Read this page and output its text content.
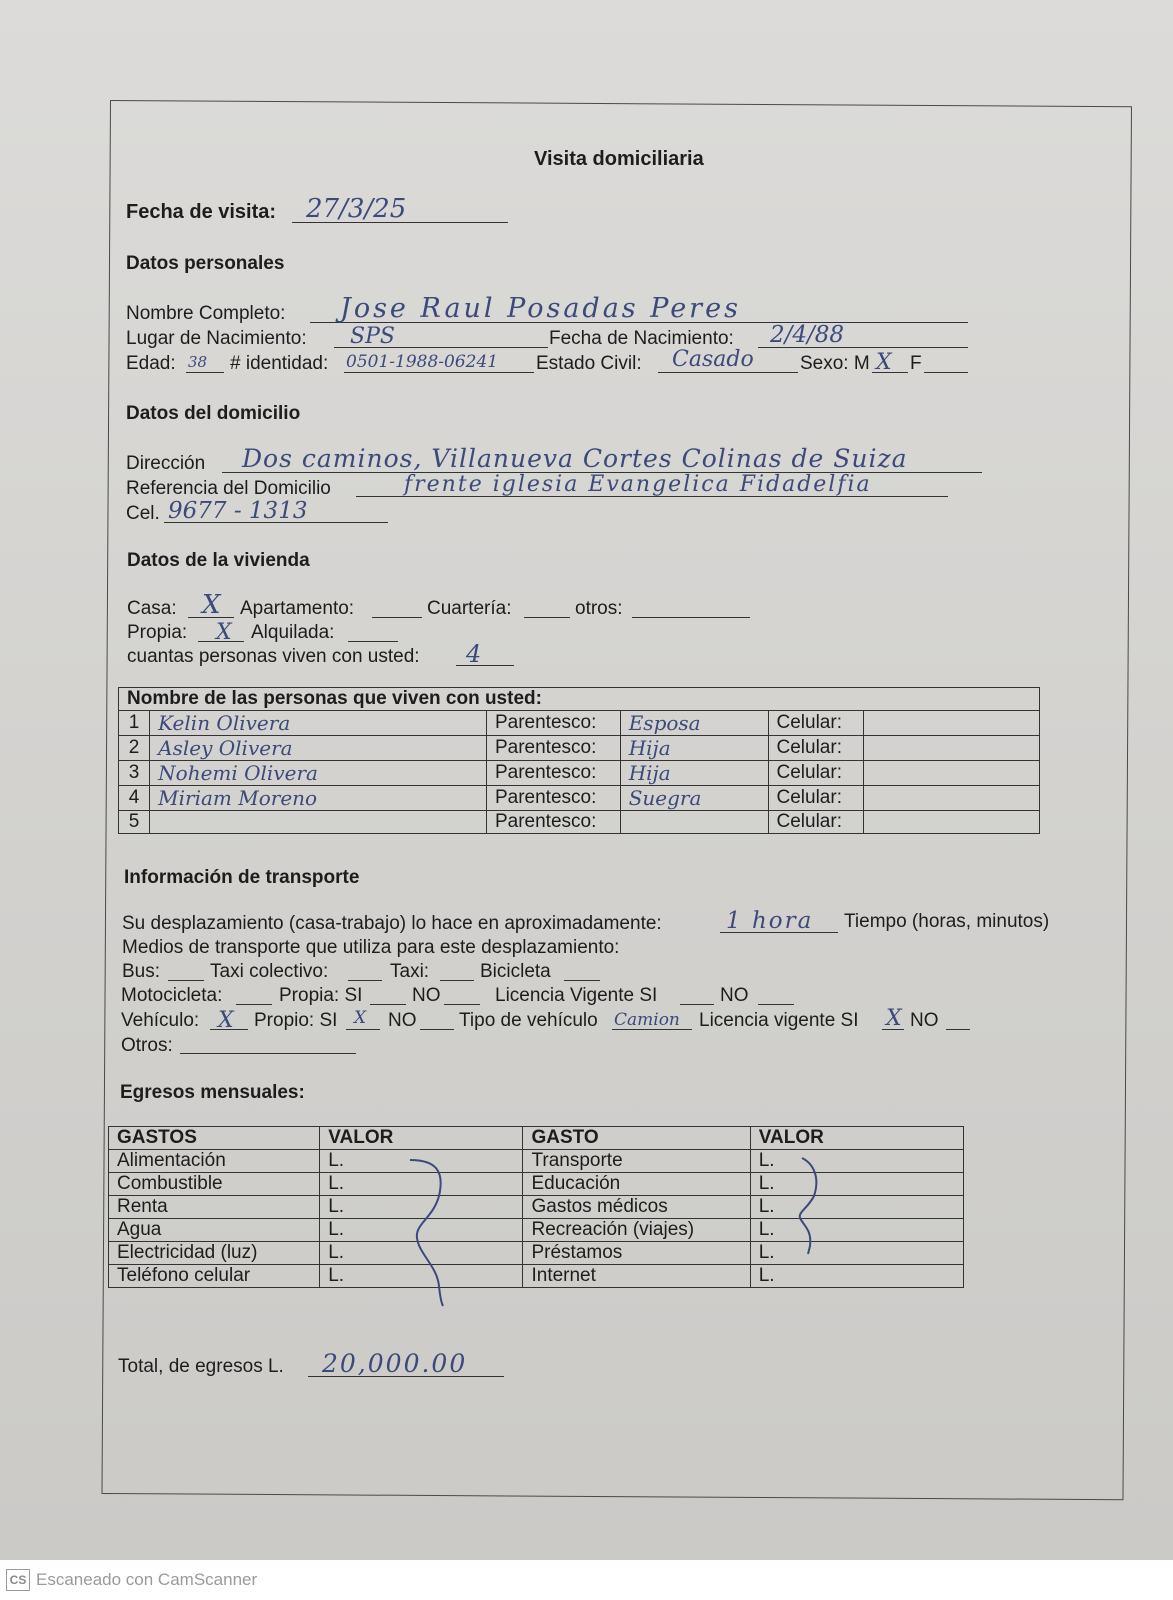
Visita domiciliaria
Fecha de visita: 27/3/25
Datos personales
Nombre Completo: Jose Raul Posadas Peres
Lugar de Nacimiento: SPS	Fecha de Nacimiento: 2/4/88
Edad: 38 # identidad: 0501-1988-06241 Estado Civil: Casado Sexo: M X F
Datos del domicilio
Dirección Dos caminos, Villanueva Cortes Colinas de Suiza
Referencia del Domicilio	frente iglesia Evangelica Fidadelfia
Cel. 9677 - 1313
Datos de la vivienda
Casa: X Apartamento:	Cuartería:	otros:
Propia: X Alquilada:
cuantas personas viven con usted: 4
Nombre de las personas que viven con usted:					
1	Kelin Olivera	Parentesco:	Esposa	Celular:	
2	Asley Olivera	Parentesco:	Hija	Celular:	
3	Nohemi Olivera	Parentesco:	Hija	Celular:	
4	Miriam Moreno	Parentesco:	Suegra	Celular:	
5		Parentesco:		Celular:	
Información de transporte
Su desplazamiento (casa-trabajo) lo hace en aproximadamente:	1 hora Tiempo (horas, minutos)
Medios de transporte que utiliza para este desplazamiento:
Bus:	Taxi colectivo:	Taxi:	Bicicleta
Motocicleta:	Propia: SI	NO	Licencia Vigente SI	NO
Vehículo: X Propio: SI X NO Tipo de vehículo Camion Licencia vigente SI X NO
Otros:
Egresos mensuales:
GASTOS	VALOR	GASTO	VALOR
Alimentación	L.	Transporte	L.
Combustible	L.	Educación	L.
Renta	L.	Gastos médicos	L.
Agua	L.	Recreación (viajes)	L.
Electricidad (luz)	L.	Préstamos	L.
Teléfono celular	L.	Internet	L.
Total, de egresos L. 20,000.00
CS Escaneado con CamScanner
